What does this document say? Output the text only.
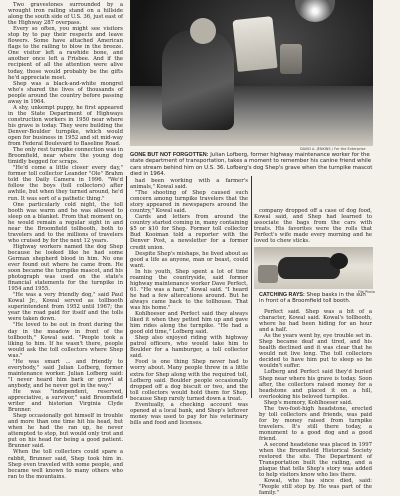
Two gravestones surrounded by a wrought iron railing stand on a hillside along the south side of U.S. 36, just east of the Highway 287 overpass.

Every so often, you might see visitors stop by to pay their respects and leave flowers. Some have attached American flags to the railing to blow in the breeze. One visitor left a rawhide bone, and another once left a Frisbee. And if the recipient of all the attention were alive today, those would probably be the gifts he'd appreciate most.

Shep was a black-and-white mongrel who's shared the lives of thousands of people around the country before passing away in 1964.

A shy, unkempt puppy, he first appeared in the State Department of Highways construction workers in 1950 near where his grave is today. They were building the Denver-Boulder turnpike, which would open for business in 1952 and sit mid-way from Federal Boulevard to Baseline Road.

The only rest turnpike connection was in Broomfield, near where the young dog timidly begged for scraps.

"He'd come a little closer every day," former toll collector Leander "Ole" Brahm told the Daily Camera in 1996. "We'd follow the boys (toll collectors) after awhile, but when they turned around, he'd run. It was sort of a pathetic thing."

One particularly cold night, the toll booth was warm and he was allowed to sleep on a blanket. From that moment on, he would remain a regular sight in and near the Broomfield tollbooth, both to travelers and to the millions of travelers who cruised by for the next 12 years.

Highway workers named the dog Shep because he looked like he had some German shepherd blood in him. No one ever found out where he came from. He soon became the turnpike mascot, and his photograph was used on the state's financial statements for the turnpike in 1954 and 1955.

"He was a very friendly dog," said Paul Kowal Jr., Kowal served as tollbooth superintendent from 1952 until 1967; the year the road paid for itself and the tolls were taken down.

"He loved to be out in front during the day in the meadow in front of the tollbooth," Kowal said. "People took a liking to him. If he wasn't there, people would ask the toll collectors where Shep was."

"He was smart ... and friendly to everybody," said Julian Lofberg, former maintenance worker. Julian Lofberg said: "I never heard him bark or growl at anybody, and he never got in the way."

He was "independent, reserved, appreciative, a survivor," said Broomfield writer and historian Virginia Clyde Brunner.

Shep occasionally got himself in trouble and more than one time hit his head, but when he had the ran up, he never attempted to stop, but would only trot and put on his head for being a good patient. Brunner said.

When the toll collectors could spare a rabbit, Brunner said, Shep took him in. Shep even traveled with some people, and became well known to many others who ran to the mountains.

DAVID A. JENKINS / For the Enterprise
GONE BUT NOT FORGOTTEN: Julian Lofberg, former highway maintenance worker for the state department of transportation, takes a moment to remember his canine friend while cars stream behind him on U.S. 36. Lofberg's dog Shep's grave when the turnpike mascot died in 1964.

had been working with a farmer's animals," Kowal said.

"The shooting of Shep caused such concern among turnpike travelers that the story appeared in newspapers around the country," Kowal said.

Cards and letters from around the country started coming in, many containing $5 or $10 for Shep. Former toll collector Bud Kooiman told a reporter with the Denver Post, a newsletter for a former credit union.

Despite Shep's mishaps, he lived about as good a life as anyone, man or beast, could want.

In his youth, Shep spent a lot of time roaming the countryside, said former highway maintenance worker Dave Perfect, 61. "He was a ham," Kowal said. "I heard he had a few altercations around. But he always came back to the tollhouse. That was his home."

Kohlhoeser and Perfect said they always liked it when they petted him up and gave him rides along the turnpike. "He had a good old time," Lofberg said.

Shep also enjoyed riding with highway patrol officers, who would take him to Boulder for a hamburger, a toll collector said.

Food is one thing Shep never had to worry about. Many people threw in a little extra for Shep along with the required toll, Lofberg said. Boulder people occasionally dropped off a dog biscuit or two, and the toll collectors would hold them for Shep, because Shep rarely turned down a treat.

Eventually, a checking account was opened at a local bank, and Shep's leftover money was used to pay for his veterinary bills and food and licenses.

company dropped off a case of dog food, Kowal said, and Shep had learned to associate the bags from the cars with treats. His favorites were the rolls that Perfect's wife made every morning and he loved to chew sticks.

File Photo
CATCHING RAYS: Shep basks in the sun in front of a Broomfield toll booth.

Perfect said. Shep was a bit of a character, Kowal said. Kowal's tollbooth, where he had been hiding for an hour and a half.

As the years went by, eye trouble set in. Shep became deaf and tired, and his health declined and it was clear that he would not live long. The toll collectors decided to have him put to sleep so he wouldn't suffer.

Lofberg and Perfect said they'd buried Shep near where his grave is today. Soon after, the collectors raised money for a headstone and placed it on a hill, overlooking his beloved turnpike.

Shep's memory, Kohlhoeser said.

The two-foot-high headstone, erected by toll collectors and friends, was paid for by money raised from turnpike travelers. It's still there today, a monument to a good dog and a good friend.

A second headstone was placed in 1997 when the Broomfield Historical Society restored the site. The Department of Transportation built the railing, and a plaque that tells Shep's story was added to help visitors know who lies there.

Kowal, who has since died, said: "People still stop by. He was part of the family."
